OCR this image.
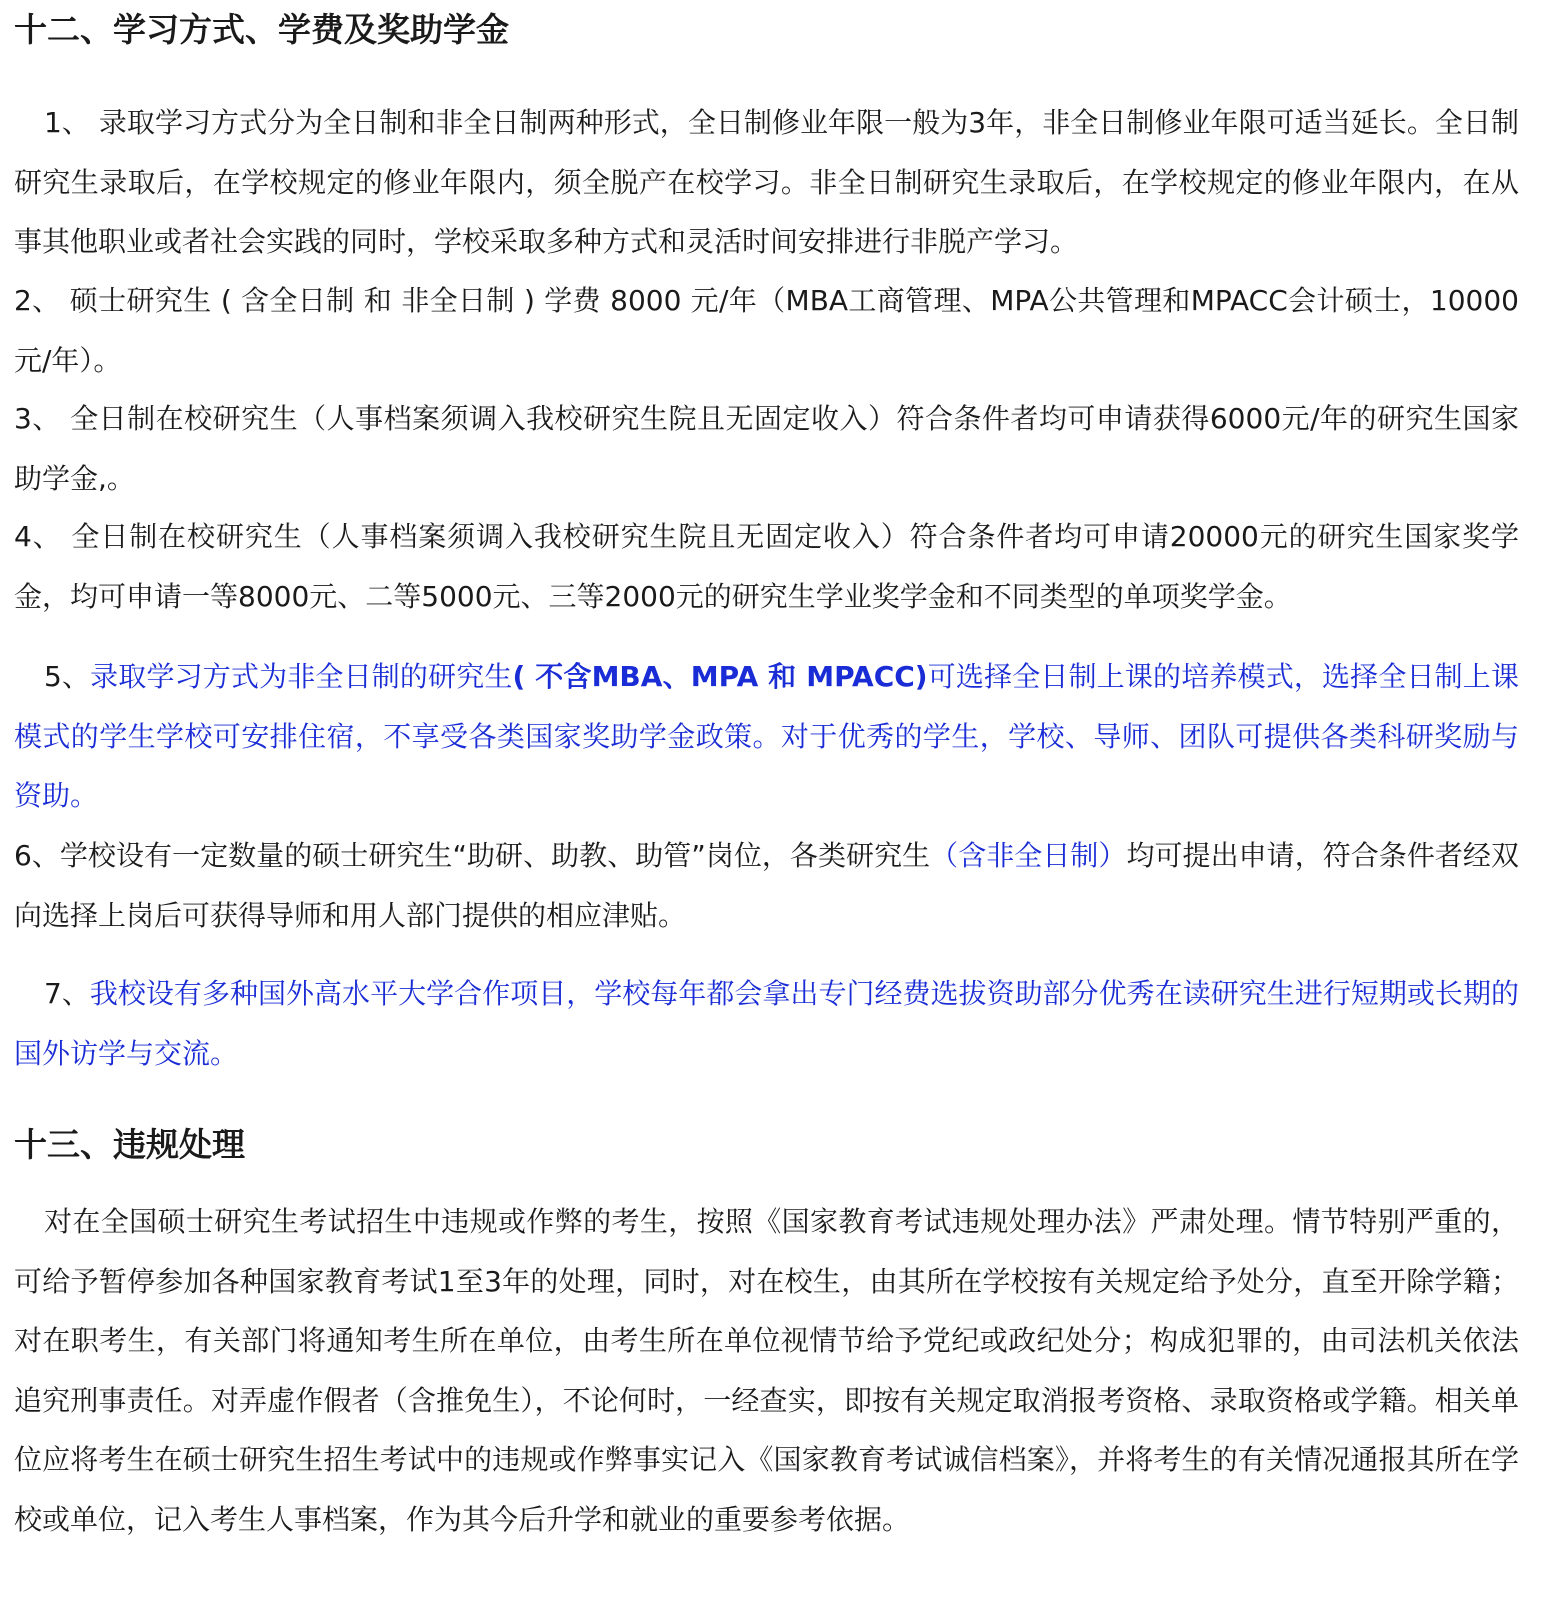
十二、学习方式、学费及奖助学金

1、 录取学习方式分为全日制和非全日制两种形式，全日制修业年限一般为3年，非全日制修业年限可适当延长。全日制研究生录取后，在学校规定的修业年限内，须全脱产在校学习。非全日制研究生录取后，在学校规定的修业年限内，在从事其他职业或者社会实践的同时，学校采取多种方式和灵活时间安排进行非脱产学习。

2、 硕士研究生 ( 含全日制 和 非全日制 ) 学费 8000 元/年（MBA工商管理、MPA公共管理和MPACC会计硕士，10000元/年）。

3、 全日制在校研究生（人事档案须调入我校研究生院且无固定收入）符合条件者均可申请获得6000元/年的研究生国家助学金,。

4、 全日制在校研究生（人事档案须调入我校研究生院且无固定收入）符合条件者均可申请20000元的研究生国家奖学金，均可申请一等8000元、二等5000元、三等2000元的研究生学业奖学金和不同类型的单项奖学金。

5、录取学习方式为非全日制的研究生( 不含MBA、MPA 和 MPACC)可选择全日制上课的培养模式，选择全日制上课模式的学生学校可安排住宿，不享受各类国家奖助学金政策。对于优秀的学生，学校、导师、团队可提供各类科研奖励与资助。

6、学校设有一定数量的硕士研究生“助研、助教、助管”岗位，各类研究生（含非全日制）均可提出申请，符合条件者经双向选择上岗后可获得导师和用人部门提供的相应津贴。

7、我校设有多种国外高水平大学合作项目，学校每年都会拿出专门经费选拔资助部分优秀在读研究生进行短期或长期的国外访学与交流。

十三、违规处理

对在全国硕士研究生考试招生中违规或作弊的考生，按照《国家教育考试违规处理办法》严肃处理。情节特别严重的，可给予暂停参加各种国家教育考试1至3年的处理，同时，对在校生，由其所在学校按有关规定给予处分，直至开除学籍；对在职考生，有关部门将通知考生所在单位，由考生所在单位视情节给予党纪或政纪处分；构成犯罪的，由司法机关依法追究刑事责任。对弄虚作假者（含推免生），不论何时，一经查实，即按有关规定取消报考资格、录取资格或学籍。相关单位应将考生在硕士研究生招生考试中的违规或作弊事实记入《国家教育考试诚信档案》，并将考生的有关情况通报其所在学校或单位，记入考生人事档案，作为其今后升学和就业的重要参考依据。
